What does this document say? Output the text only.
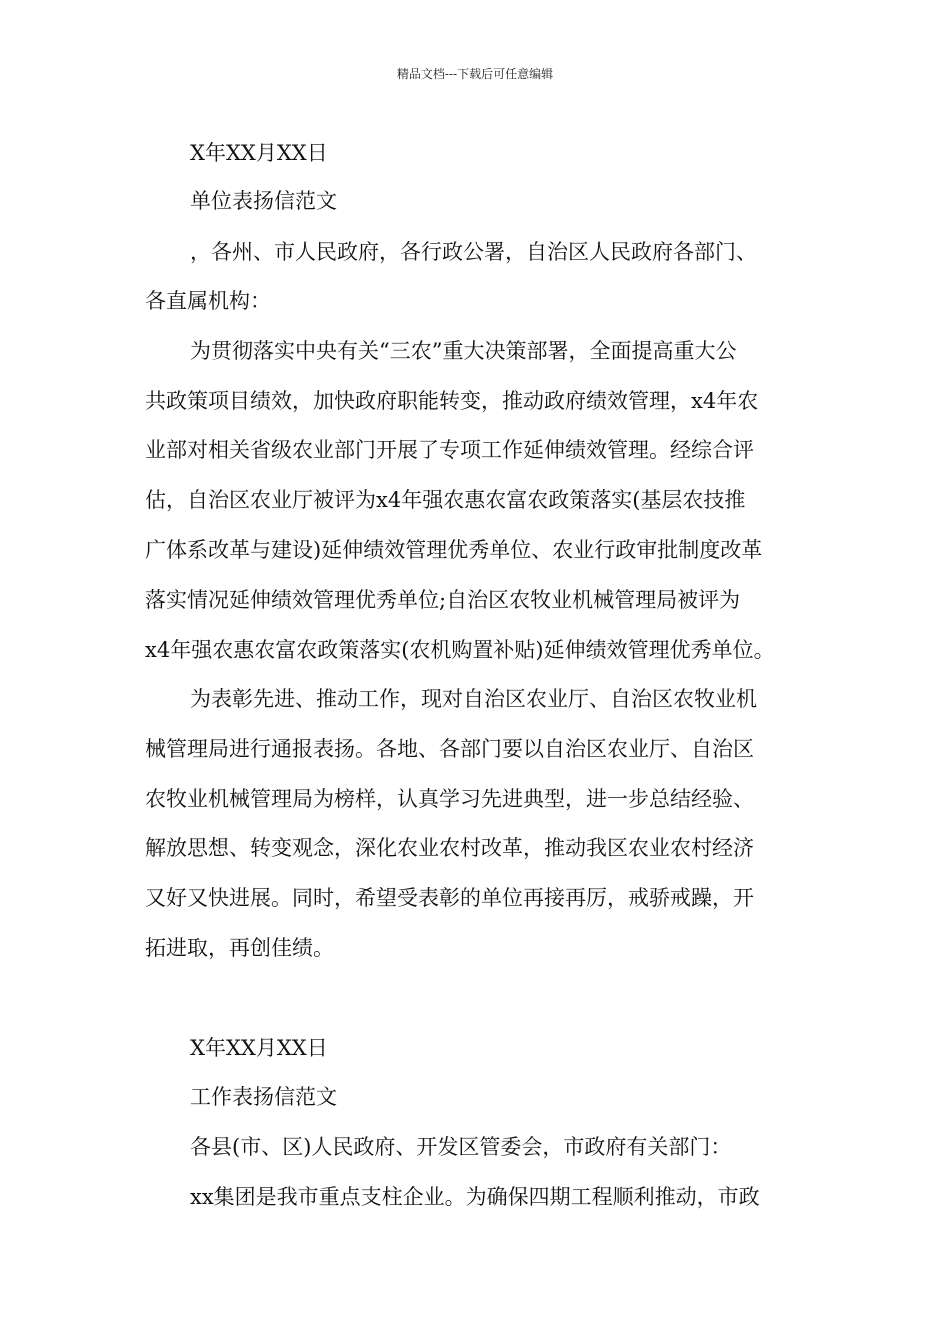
精品文档---下载后可任意编辑
X年XX月XX日
单位表扬信范文
，各州、市人民政府，各行政公署，自治区人民政府各部门、
各直属机构：
为贯彻落实中央有关“三农”重大决策部署，全面提高重大公
共政策项目绩效，加快政府职能转变，推动政府绩效管理，x4年农
业部对相关省级农业部门开展了专项工作延伸绩效管理。经综合评
估，自治区农业厅被评为x4年强农惠农富农政策落实(基层农技推
广体系改革与建设)延伸绩效管理优秀单位、农业行政审批制度改革
落实情况延伸绩效管理优秀单位;自治区农牧业机械管理局被评为
x4年强农惠农富农政策落实(农机购置补贴)延伸绩效管理优秀单位。
为表彰先进、推动工作，现对自治区农业厅、自治区农牧业机
械管理局进行通报表扬。各地、各部门要以自治区农业厅、自治区
农牧业机械管理局为榜样，认真学习先进典型，进一步总结经验、
解放思想、转变观念，深化农业农村改革，推动我区农业农村经济
又好又快进展。同时，希望受表彰的单位再接再厉，戒骄戒躁，开
拓进取，再创佳绩。
X年XX月XX日
工作表扬信范文
各县(市、区)人民政府、开发区管委会，市政府有关部门：
xx集团是我市重点支柱企业。为确保四期工程顺利推动，市政
